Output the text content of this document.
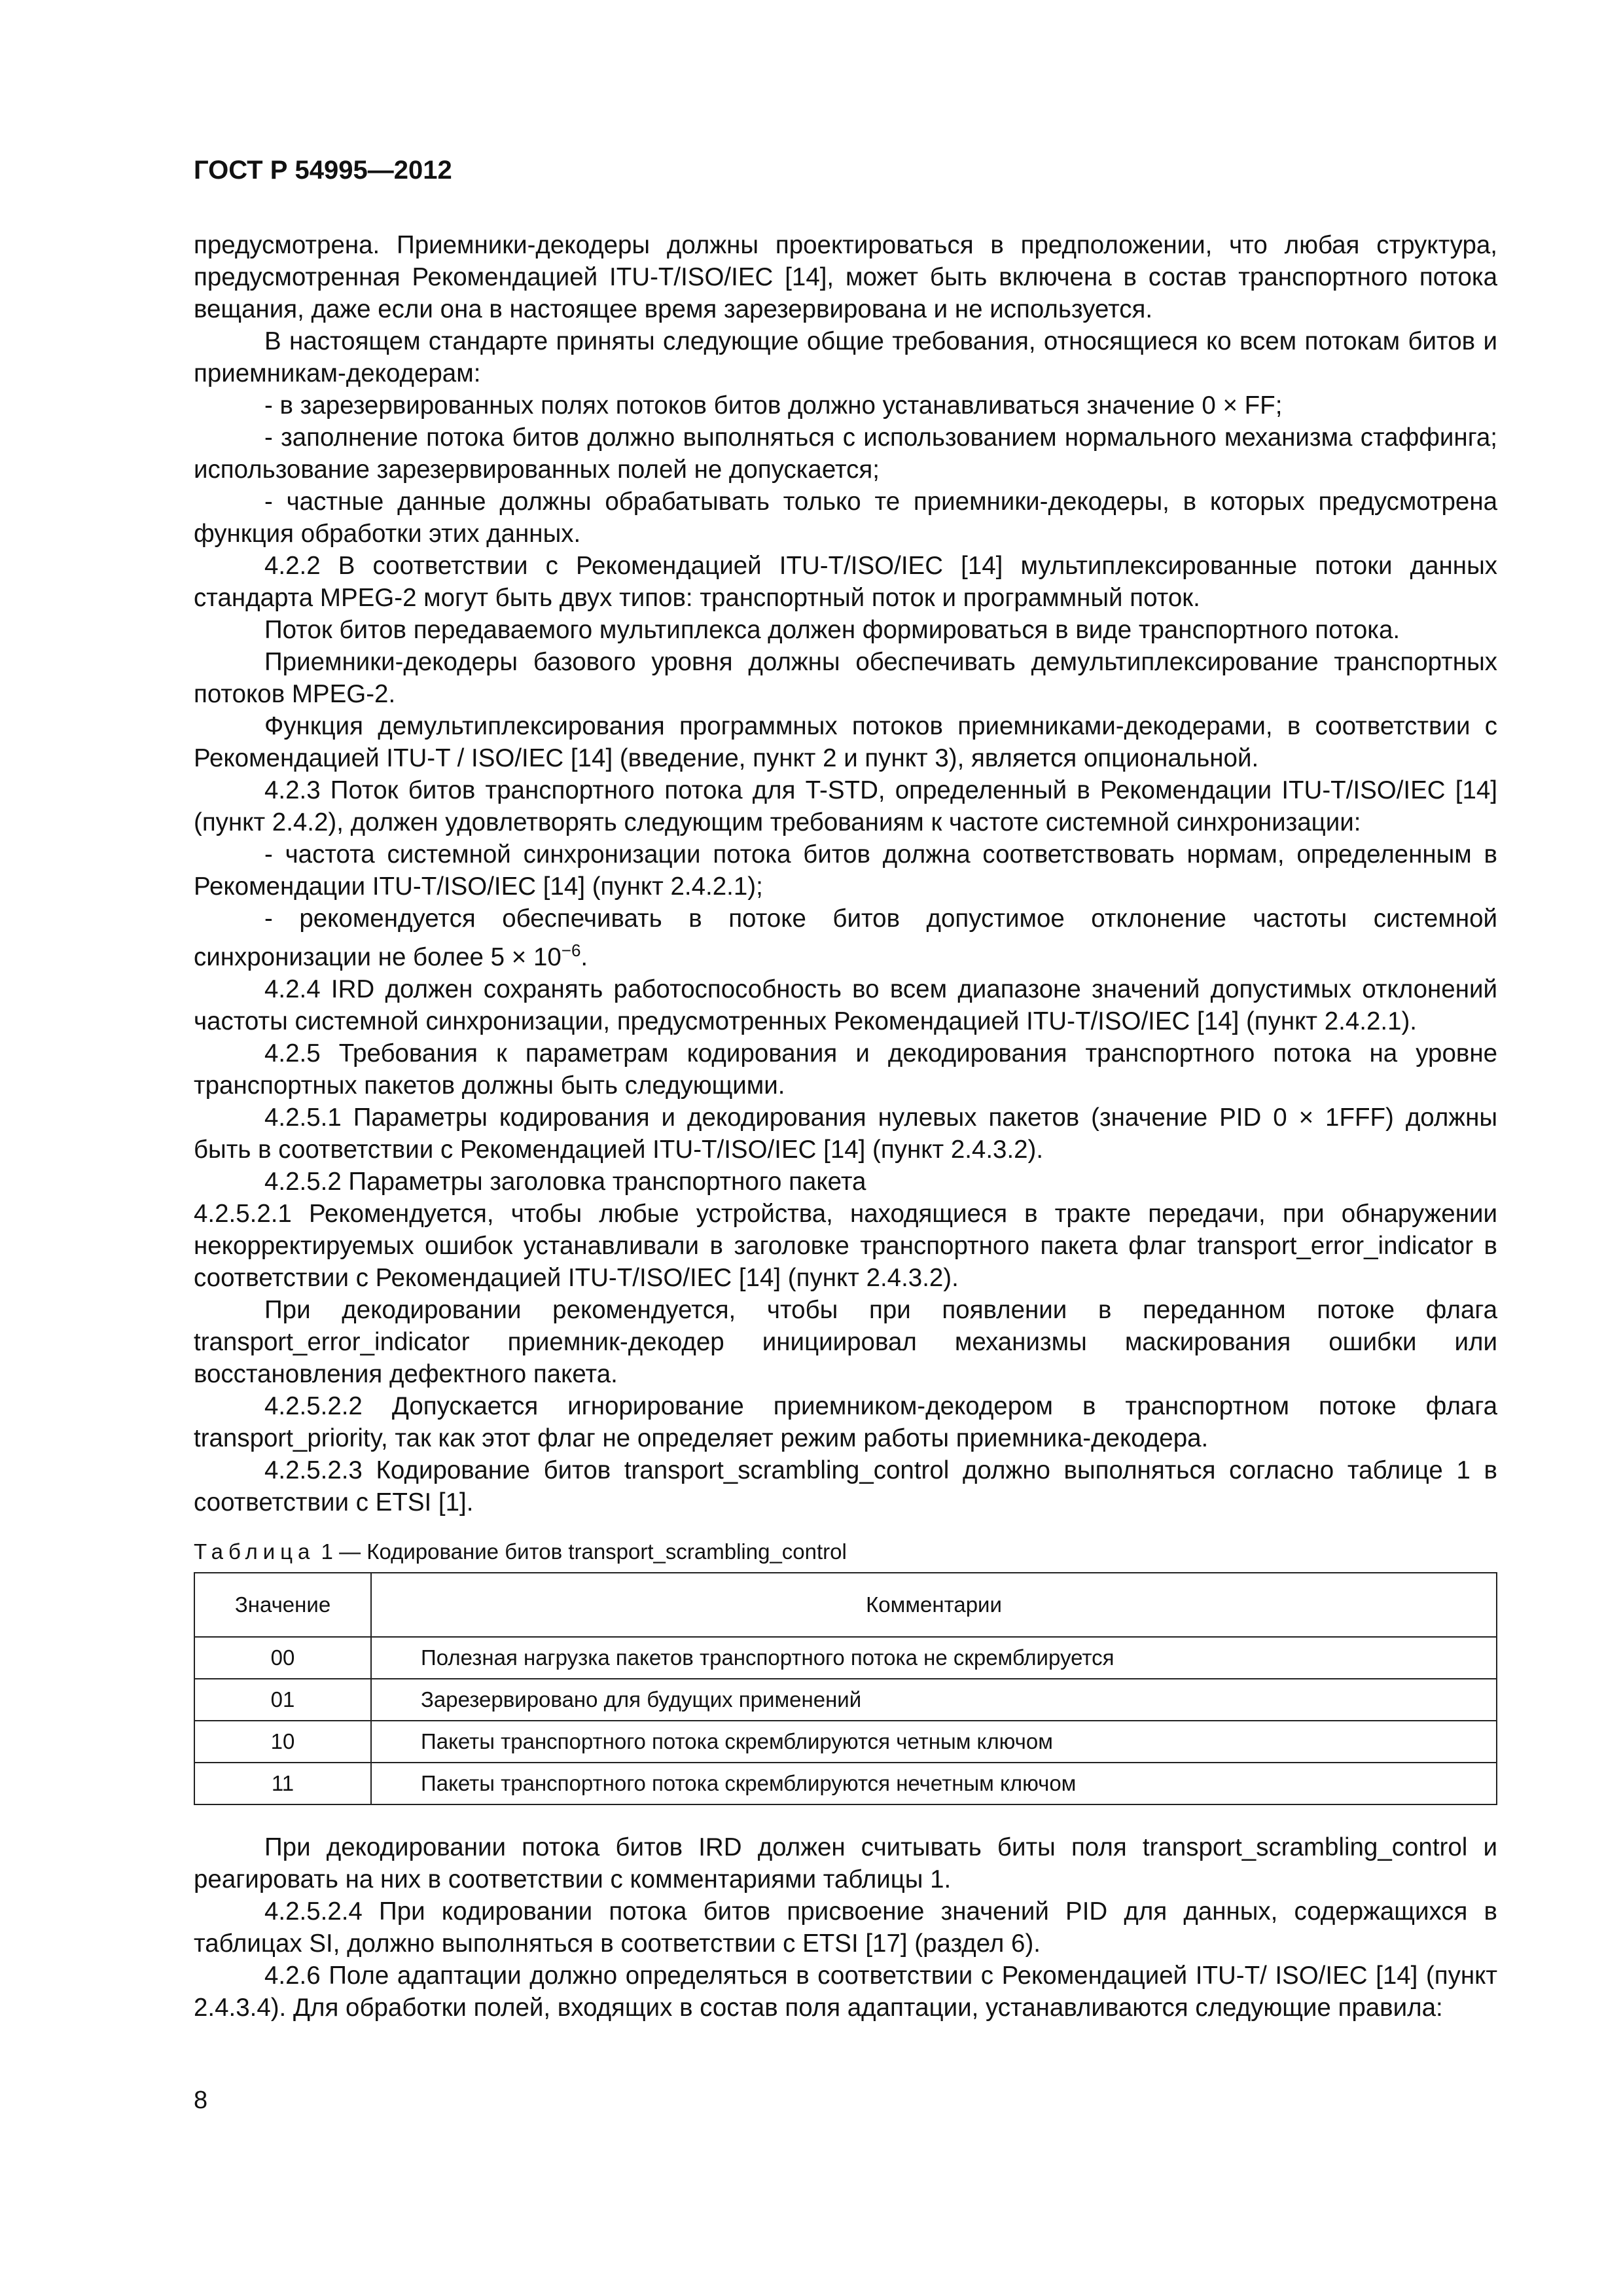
ГОСТ Р 54995—2012

предусмотрена. Приемники-декодеры должны проектироваться в предположении, что любая структура, предусмотренная Рекомендацией ITU-T/ISO/IEC [14], может быть включена в состав транспортного потока вещания, даже если она в настоящее время зарезервирована и не используется.

В настоящем стандарте приняты следующие общие требования, относящиеся ко всем потокам битов и приемникам-декодерам:

- в зарезервированных полях потоков битов должно устанавливаться значение 0 × FF;

- заполнение потока битов должно выполняться с использованием нормального механизма стаффинга; использование зарезервированных полей не допускается;

- частные данные должны обрабатывать только те приемники-декодеры, в которых предусмотрена функция обработки этих данных.

4.2.2 В соответствии с Рекомендацией ITU-T/ISO/IEC [14] мультиплексированные потоки данных стандарта MPEG-2 могут быть двух типов: транспортный поток и программный поток.

Поток битов передаваемого мультиплекса должен формироваться в виде транспортного потока.

Приемники-декодеры базового уровня должны обеспечивать демультиплексирование транспортных потоков MPEG-2.

Функция демультиплексирования программных потоков приемниками-декодерами, в соответствии с Рекомендацией ITU-T / ISO/IEC [14] (введение, пункт 2 и пункт 3), является опциональной.

4.2.3 Поток битов транспортного потока для T-STD, определенный в Рекомендации ITU-T/ISO/IEC [14] (пункт 2.4.2), должен удовлетворять следующим требованиям к частоте системной синхронизации:

- частота системной синхронизации потока битов должна соответствовать нормам, определенным в Рекомендации ITU-T/ISO/IEC [14] (пункт 2.4.2.1);

- рекомендуется обеспечивать в потоке битов допустимое отклонение частоты системной синхронизации не более $5 \times 10^{-6}$.

4.2.4 IRD должен сохранять работоспособность во всем диапазоне значений допустимых отклонений частоты системной синхронизации, предусмотренных Рекомендацией ITU-T/ISO/IEC [14] (пункт 2.4.2.1).

4.2.5 Требования к параметрам кодирования и декодирования транспортного потока на уровне транспортных пакетов должны быть следующими.

4.2.5.1 Параметры кодирования и декодирования нулевых пакетов (значение PID 0 × 1FFF) должны быть в соответствии с Рекомендацией ITU-T/ISO/IEC [14] (пункт 2.4.3.2).

4.2.5.2 Параметры заголовка транспортного пакета

4.2.5.2.1 Рекомендуется, чтобы любые устройства, находящиеся в тракте передачи, при обнаружении некорректируемых ошибок устанавливали в заголовке транспортного пакета флаг transport_error_indicator в соответствии с Рекомендацией ITU-T/ISO/IEC [14] (пункт 2.4.3.2).

При декодировании рекомендуется, чтобы при появлении в переданном потоке флага transport_error_indicator приемник-декодер инициировал механизмы маскирования ошибки или восстановления дефектного пакета.

4.2.5.2.2 Допускается игнорирование приемником-декодером в транспортном потоке флага transport_priority, так как этот флаг не определяет режим работы приемника-декодера.

4.2.5.2.3 Кодирование битов transport_scrambling_control должно выполняться согласно таблице 1 в соответствии с ETSI [1].

Таблица 1 — Кодирование битов transport_scrambling_control
Значение	Комментарии
00	Полезная нагрузка пакетов транспортного потока не скремблируется
01	Зарезервировано для будущих применений
10	Пакеты транспортного потока скремблируются четным ключом
11	Пакеты транспортного потока скремблируются нечетным ключом

При декодировании потока битов IRD должен считывать биты поля transport_scrambling_control и реагировать на них в соответствии с комментариями таблицы 1.

4.2.5.2.4 При кодировании потока битов присвоение значений PID для данных, содержащихся в таблицах SI, должно выполняться в соответствии с ETSI [17] (раздел 6).

4.2.6 Поле адаптации должно определяться в соответствии с Рекомендацией ITU-T/ ISO/IEC [14] (пункт 2.4.3.4). Для обработки полей, входящих в состав поля адаптации, устанавливаются следующие правила:

8
